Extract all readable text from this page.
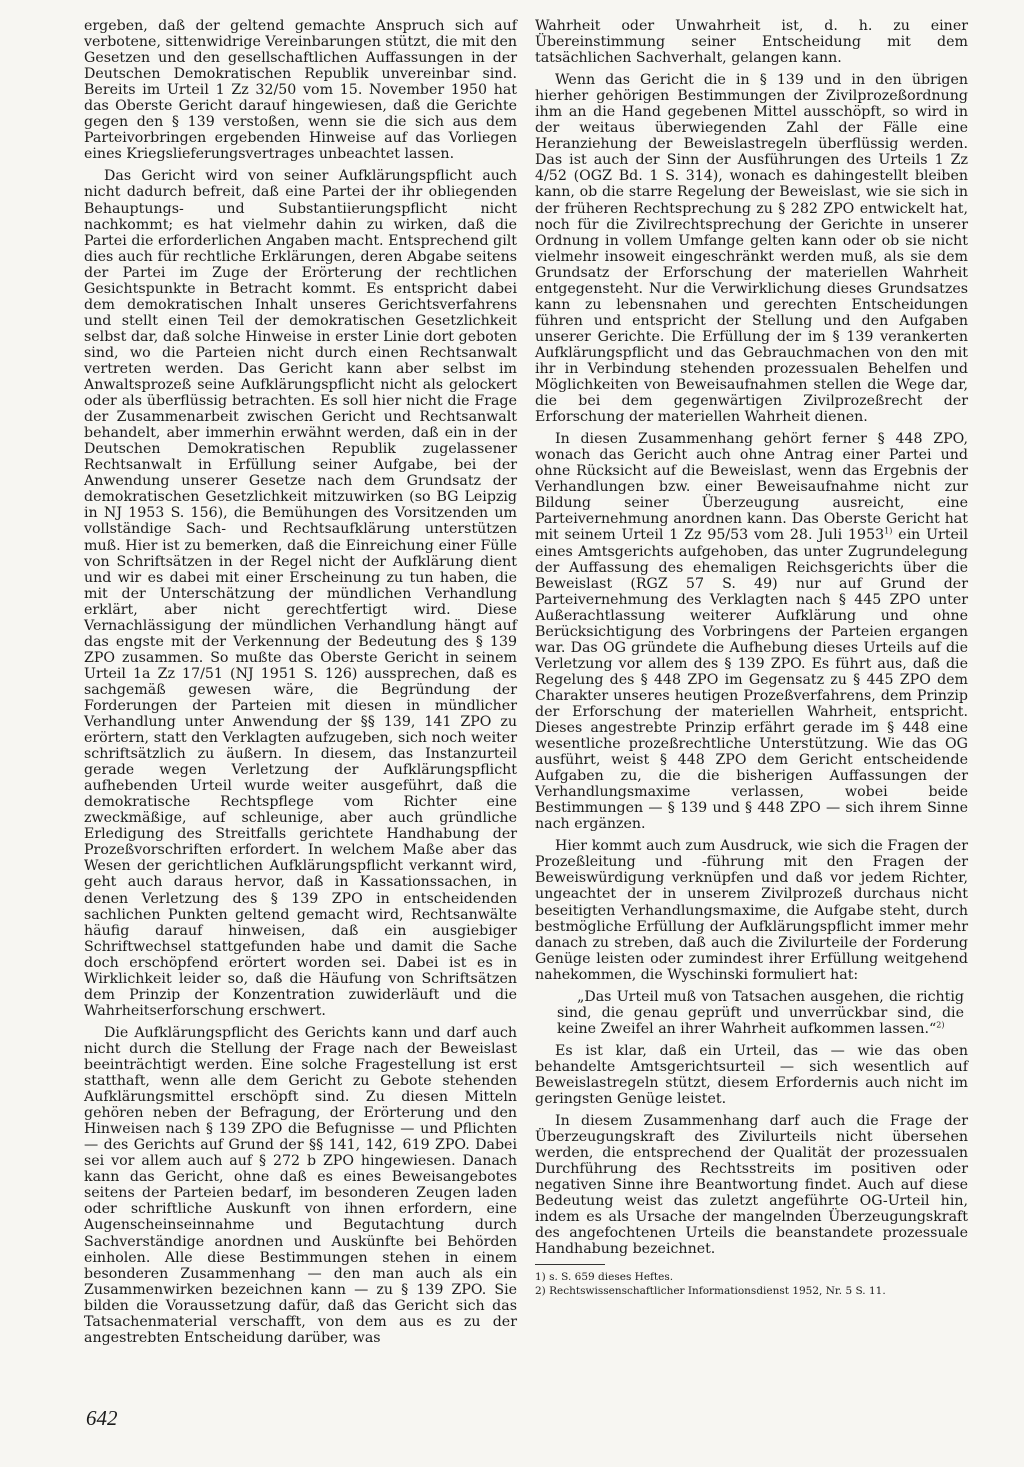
ergeben, daß der geltend gemachte Anspruch sich auf verbotene, sittenwidrige Vereinbarungen stützt, die mit den Gesetzen und den gesellschaftlichen Auffassungen in der Deutschen Demokratischen Republik unvereinbar sind. Bereits im Urteil 1 Zz 32/50 vom 15. November 1950 hat das Oberste Gericht darauf hingewiesen, daß die Gerichte gegen den § 139 verstoßen, wenn sie die sich aus dem Parteivorbringen ergebenden Hinweise auf das Vorliegen eines Kriegslieferungsvertrages unbeachtet lassen.

Das Gericht wird von seiner Aufklärungspflicht auch nicht dadurch befreit, daß eine Partei der ihr obliegenden Behauptungs- und Substantiierungspflicht nicht nachkommt; es hat vielmehr dahin zu wirken, daß die Partei die erforderlichen Angaben macht. Entsprechend gilt dies auch für rechtliche Erklärungen, deren Abgabe seitens der Partei im Zuge der Erörterung der rechtlichen Gesichtspunkte in Betracht kommt. Es entspricht dabei dem demokratischen Inhalt unseres Gerichtsverfahrens und stellt einen Teil der demokratischen Gesetzlichkeit selbst dar, daß solche Hinweise in erster Linie dort geboten sind, wo die Parteien nicht durch einen Rechtsanwalt vertreten werden. Das Gericht kann aber selbst im Anwaltsprozeß seine Aufklärungspflicht nicht als gelockert oder als überflüssig betrachten. Es soll hier nicht die Frage der Zusammenarbeit zwischen Gericht und Rechtsanwalt behandelt, aber immerhin erwähnt werden, daß ein in der Deutschen Demokratischen Republik zugelassener Rechtsanwalt in Erfüllung seiner Aufgabe, bei der Anwendung unserer Gesetze nach dem Grundsatz der demokratischen Gesetzlichkeit mitzuwirken (so BG Leipzig in NJ 1953 S. 156), die Bemühungen des Vorsitzenden um vollständige Sach- und Rechtsaufklärung unterstützen muß. Hier ist zu bemerken, daß die Einreichung einer Fülle von Schriftsätzen in der Regel nicht der Aufklärung dient und wir es dabei mit einer Erscheinung zu tun haben, die mit der Unterschätzung der mündlichen Verhandlung erklärt, aber nicht gerechtfertigt wird. Diese Vernachlässigung der mündlichen Verhandlung hängt auf das engste mit der Verkennung der Bedeutung des § 139 ZPO zusammen. So mußte das Oberste Gericht in seinem Urteil 1a Zz 17/51 (NJ 1951 S. 126) aussprechen, daß es sachgemäß gewesen wäre, die Begründung der Forderungen der Parteien mit diesen in mündlicher Verhandlung unter Anwendung der §§ 139, 141 ZPO zu erörtern, statt den Verklagten aufzugeben, sich noch weiter schriftsätzlich zu äußern. In diesem, das Instanzurteil gerade wegen Verletzung der Aufklärungspflicht aufhebenden Urteil wurde weiter ausgeführt, daß die demokratische Rechtspflege vom Richter eine zweckmäßige, auf schleunige, aber auch gründliche Erledigung des Streitfalls gerichtete Handhabung der Prozeßvorschriften erfordert. In welchem Maße aber das Wesen der gerichtlichen Aufklärungspflicht verkannt wird, geht auch daraus hervor, daß in Kassationssachen, in denen Verletzung des § 139 ZPO in entscheidenden sachlichen Punkten geltend gemacht wird, Rechtsanwälte häufig darauf hinweisen, daß ein ausgiebiger Schriftwechsel stattgefunden habe und damit die Sache doch erschöpfend erörtert worden sei. Dabei ist es in Wirklichkeit leider so, daß die Häufung von Schriftsätzen dem Prinzip der Konzentration zuwiderläuft und die Wahrheitserforschung erschwert.

Die Aufklärungspflicht des Gerichts kann und darf auch nicht durch die Stellung der Frage nach der Beweislast beeinträchtigt werden. Eine solche Fragestellung ist erst statthaft, wenn alle dem Gericht zu Gebote stehenden Aufklärungsmittel erschöpft sind. Zu diesen Mitteln gehören neben der Befragung, der Erörterung und den Hinweisen nach § 139 ZPO die Befugnisse — und Pflichten — des Gerichts auf Grund der §§ 141, 142, 619 ZPO. Dabei sei vor allem auch auf § 272 b ZPO hingewiesen. Danach kann das Gericht, ohne daß es eines Beweisangebotes seitens der Parteien bedarf, im besonderen Zeugen laden oder schriftliche Auskunft von ihnen erfordern, eine Augenscheinseinnahme und Begutachtung durch Sachverständige anordnen und Auskünfte bei Behörden einholen. Alle diese Bestimmungen stehen in einem besonderen Zusammenhang — den man auch als ein Zusammenwirken bezeichnen kann — zu § 139 ZPO. Sie bilden die Voraussetzung dafür, daß das Gericht sich das Tatsachenmaterial verschafft, von dem aus es zu der angestrebten Entscheidung darüber, was

Wahrheit oder Unwahrheit ist, d. h. zu einer Übereinstimmung seiner Entscheidung mit dem tatsächlichen Sachverhalt, gelangen kann.

Wenn das Gericht die in § 139 und in den übrigen hierher gehörigen Bestimmungen der Zivilprozeßordnung ihm an die Hand gegebenen Mittel ausschöpft, so wird in der weitaus überwiegenden Zahl der Fälle eine Heranziehung der Beweislastregeln überflüssig werden. Das ist auch der Sinn der Ausführungen des Urteils 1 Zz 4/52 (OGZ Bd. 1 S. 314), wonach es dahingestellt bleiben kann, ob die starre Regelung der Beweislast, wie sie sich in der früheren Rechtsprechung zu § 282 ZPO entwickelt hat, noch für die Zivilrechtsprechung der Gerichte in unserer Ordnung in vollem Umfange gelten kann oder ob sie nicht vielmehr insoweit eingeschränkt werden muß, als sie dem Grundsatz der Erforschung der materiellen Wahrheit entgegensteht. Nur die Verwirklichung dieses Grundsatzes kann zu lebensnahen und gerechten Entscheidungen führen und entspricht der Stellung und den Aufgaben unserer Gerichte. Die Erfüllung der im § 139 verankerten Aufklärungspflicht und das Gebrauchmachen von den mit ihr in Verbindung stehenden prozessualen Behelfen und Möglichkeiten von Beweisaufnahmen stellen die Wege dar, die bei dem gegenwärtigen Zivilprozeßrecht der Erforschung der materiellen Wahrheit dienen.

In diesen Zusammenhang gehört ferner § 448 ZPO, wonach das Gericht auch ohne Antrag einer Partei und ohne Rücksicht auf die Beweislast, wenn das Ergebnis der Verhandlungen bzw. einer Beweisaufnahme nicht zur Bildung seiner Überzeugung ausreicht, eine Parteivernehmung anordnen kann. Das Oberste Gericht hat mit seinem Urteil 1 Zz 95/53 vom 28. Juli 1953$^{1)}$ ein Urteil eines Amtsgerichts aufgehoben, das unter Zugrundelegung der Auffassung des ehemaligen Reichsgerichts über die Beweislast (RGZ 57 S. 49) nur auf Grund der Parteivernehmung des Verklagten nach § 445 ZPO unter Außerachtlassung weiterer Aufklärung und ohne Berücksichtigung des Vorbringens der Parteien ergangen war. Das OG gründete die Aufhebung dieses Urteils auf die Verletzung vor allem des § 139 ZPO. Es führt aus, daß die Regelung des § 448 ZPO im Gegensatz zu § 445 ZPO dem Charakter unseres heutigen Prozeßverfahrens, dem Prinzip der Erforschung der materiellen Wahrheit, entspricht. Dieses angestrebte Prinzip erfährt gerade im § 448 eine wesentliche prozeßrechtliche Unterstützung. Wie das OG ausführt, weist § 448 ZPO dem Gericht entscheidende Aufgaben zu, die die bisherigen Auffassungen der Verhandlungsmaxime verlassen, wobei beide Bestimmungen — § 139 und § 448 ZPO — sich ihrem Sinne nach ergänzen.

Hier kommt auch zum Ausdruck, wie sich die Fragen der Prozeßleitung und -führung mit den Fragen der Beweiswürdigung verknüpfen und daß vor jedem Richter, ungeachtet der in unserem Zivilprozeß durchaus nicht beseitigten Verhandlungsmaxime, die Aufgabe steht, durch bestmögliche Erfüllung der Aufklärungspflicht immer mehr danach zu streben, daß auch die Zivilurteile der Forderung Genüge leisten oder zumindest ihrer Erfüllung weitgehend nahekommen, die Wyschinski formuliert hat:

„Das Urteil muß von Tatsachen ausgehen, die richtig sind, die genau geprüft und unverrückbar sind, die keine Zweifel an ihrer Wahrheit aufkommen lassen.“$^{2)}$

Es ist klar, daß ein Urteil, das — wie das oben behandelte Amtsgerichtsurteil — sich wesentlich auf Beweislastregeln stützt, diesem Erfordernis auch nicht im geringsten Genüge leistet.

In diesem Zusammenhang darf auch die Frage der Überzeugungskraft des Zivilurteils nicht übersehen werden, die entsprechend der Qualität der prozessualen Durchführung des Rechtsstreits im positiven oder negativen Sinne ihre Beantwortung findet. Auch auf diese Bedeutung weist das zuletzt angeführte OG-Urteil hin, indem es als Ursache der mangelnden Überzeugungskraft des angefochtenen Urteils die beanstandete prozessuale Handhabung bezeichnet.

1) s. S. 659 dieses Heftes.

2) Rechtswissenschaftlicher Informationsdienst 1952, Nr. 5 S. 11.

642
